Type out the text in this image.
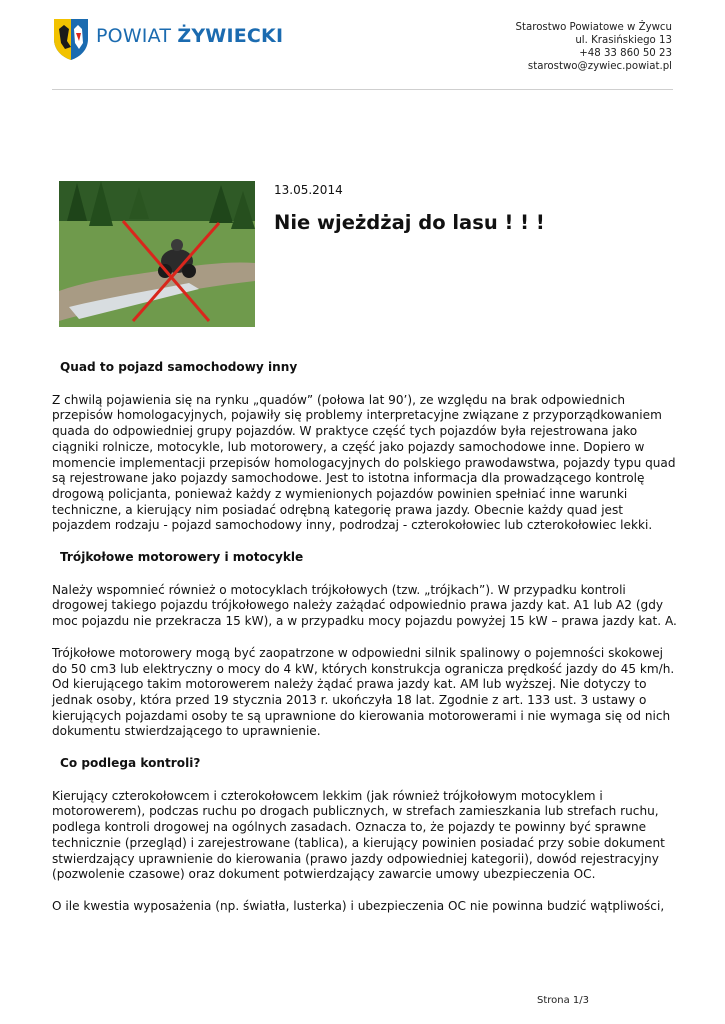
POWIAT ŻYWIECKI	Starostwo Powiatowe w Żywcu
ul. Krasińskiego 13
+48 33 860 50 23
starostwo@zywiec.powiat.pl
13.05.2014
Nie wjeżdżaj do lasu ! ! !
Quad to pojazd samochodowy inny

Z chwilą pojawienia się na rynku „quadów” (połowa lat 90’), ze względu na brak odpowiednich przepisów homologacyjnych, pojawiły się problemy interpretacyjne związane z przyporządkowaniem quada do odpowiedniej grupy pojazdów. W praktyce część tych pojazdów była rejestrowana jako ciągniki rolnicze, motocykle, lub motorowery, a część jako pojazdy samochodowe inne. Dopiero w momencie implementacji przepisów homologacyjnych do polskiego prawodawstwa, pojazdy typu quad są rejestrowane jako pojazdy samochodowe. Jest to istotna informacja dla prowadzącego kontrolę drogową policjanta, ponieważ każdy z wymienionych pojazdów powinien spełniać inne warunki techniczne, a kierujący nim posiadać odrębną kategorię prawa jazdy. Obecnie każdy quad jest pojazdem rodzaju - pojazd samochodowy inny, podrodzaj - czterokołowiec lub czterokołowiec lekki.

Trójkołowe motorowery i motocykle

Należy wspomnieć również o motocyklach trójkołowych (tzw. „trójkach”). W przypadku kontroli drogowej takiego pojazdu trójkołowego należy zażądać odpowiednio prawa jazdy kat. A1 lub A2 (gdy moc pojazdu nie przekracza 15 kW), a w przypadku mocy pojazdu powyżej 15 kW – prawa jazdy kat. A.

Trójkołowe motorowery mogą być zaopatrzone w odpowiedni silnik spalinowy o pojemności skokowej do 50 cm3 lub elektryczny o mocy do 4 kW, których konstrukcja ogranicza prędkość jazdy do 45 km/h. Od kierującego takim motorowerem należy żądać prawa jazdy kat. AM lub wyższej. Nie dotyczy to jednak osoby, która przed 19 stycznia 2013 r. ukończyła 18 lat. Zgodnie z art. 133 ust. 3 ustawy o kierujących pojazdami osoby te są uprawnione do kierowania motorowerami i nie wymaga się od nich dokumentu stwierdzającego to uprawnienie.

Co podlega kontroli?

Kierujący czterokołowcem i czterokołowcem lekkim (jak również trójkołowym motocyklem i motorowerem), podczas ruchu po drogach publicznych, w strefach zamieszkania lub strefach ruchu, podlega kontroli drogowej na ogólnych zasadach. Oznacza to, że pojazdy te powinny być sprawne technicznie (przegląd) i zarejestrowane (tablica), a kierujący powinien posiadać przy sobie dokument stwierdzający uprawnienie do kierowania (prawo jazdy odpowiedniej kategorii), dowód rejestracyjny (pozwolenie czasowe) oraz dokument potwierdzający zawarcie umowy ubezpieczenia OC.

O ile kwestia wyposażenia (np. światła, lusterka) i ubezpieczenia OC nie powinna budzić wątpliwości,

Strona 1/3
